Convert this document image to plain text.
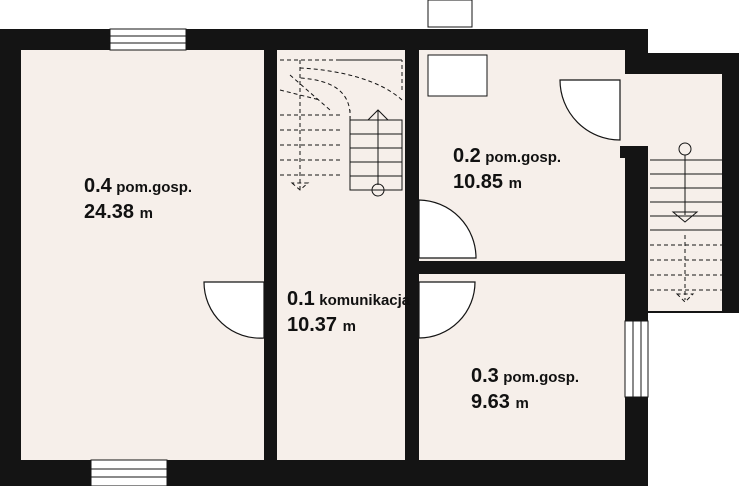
0.4 pom.gosp.
24.38 m
0.1 komunikacja
10.37 m
0.2 pom.gosp.
10.85 m
0.3 pom.gosp.
9.63 m
